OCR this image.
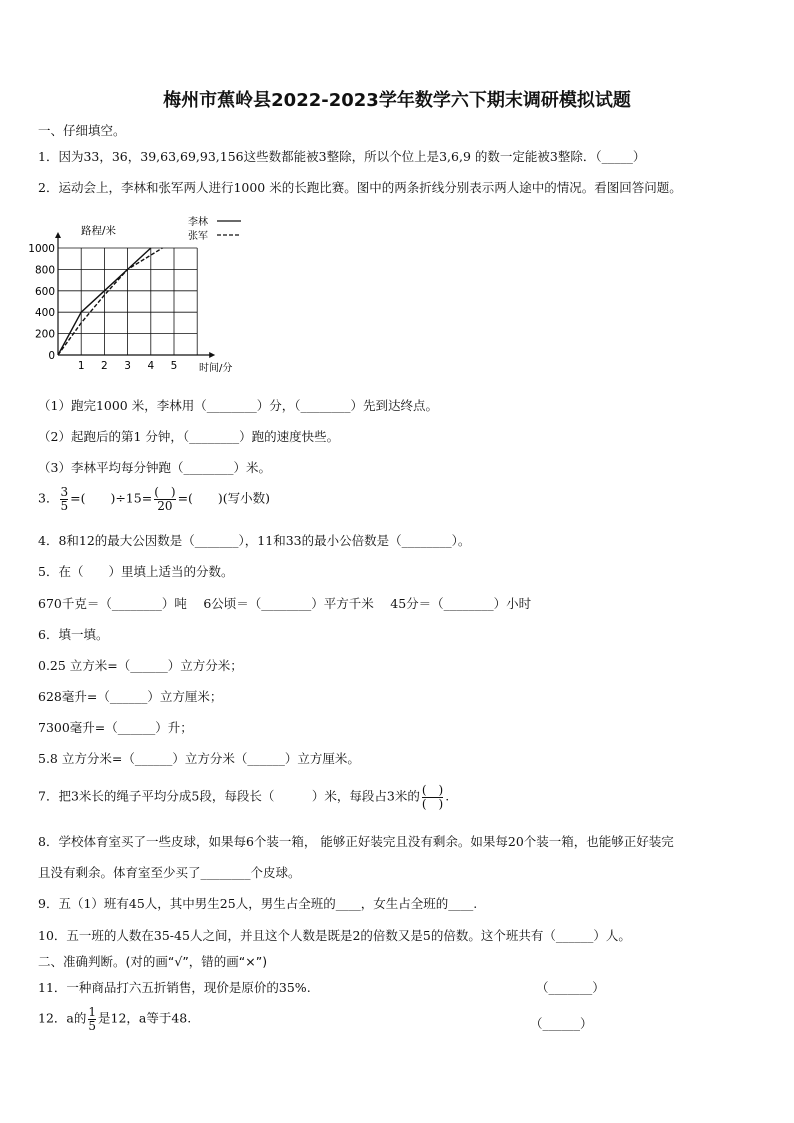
梅州市蕉岭县2022-2023学年数学六下期末调研模拟试题
一、仔细填空。
1．因为33，36，39,63,69,93,156这些数都能被3整除，所以个位上是3,6,9 的数一定能被3整除．（_____）
2．运动会上，李林和张军两人进行1000 米的长跑比赛。图中的两条折线分别表示两人途中的情况。看图回答问题。
1 2 3 4 5
0
200
400
600
800
1000
路程/米
时间/分
李林
张军
（1）跑完1000 米，李林用（________）分，（________）先到达终点。
（2）起跑后的第1 分钟，（________）跑的速度快些。
（3）李林平均每分钟跑（________）米。
3． $\frac{3}{5}$ =(　　)$\div 15= \frac{( )}{20}$ =(　　)(写小数)
4．8和12的最大公因数是（_______），11和33的最小公倍数是（________）。
5．在（　　）里填上适当的分数。
670千克＝（________）吨　 6公顷＝（________）平方千米　 45分＝（________）小时
6．填一填。
0.25 立方米=（______）立方分米；
628毫升=（______）立方厘米；
7300毫升=（______）升；
5.8 立方分米=（______）立方分米（______）立方厘米。
7．把3米长的绳子平均分成5段，每段长（　　　）米，每段占3米的 $\frac{( )}{( )}$ .
8．学校体育室买了一些皮球，如果每6个装一箱， 能够正好装完且没有剩余。如果每20个装一箱，也能够正好装完
且没有剩余。体育室至少买了________个皮球。
9．五（1）班有45人，其中男生25人，男生占全班的____，女生占全班的____.
10．五一班的人数在35-45人之间，并且这个人数是既是2的倍数又是5的倍数。这个班共有（______）人。
二、准确判断。(对的画“√”，错的画“×”)
11．一种商品打六五折销售，现价是原价的35%.	（_______）
12．a的 $\frac{1}{5}$ 是12，a等于48.	（______）
